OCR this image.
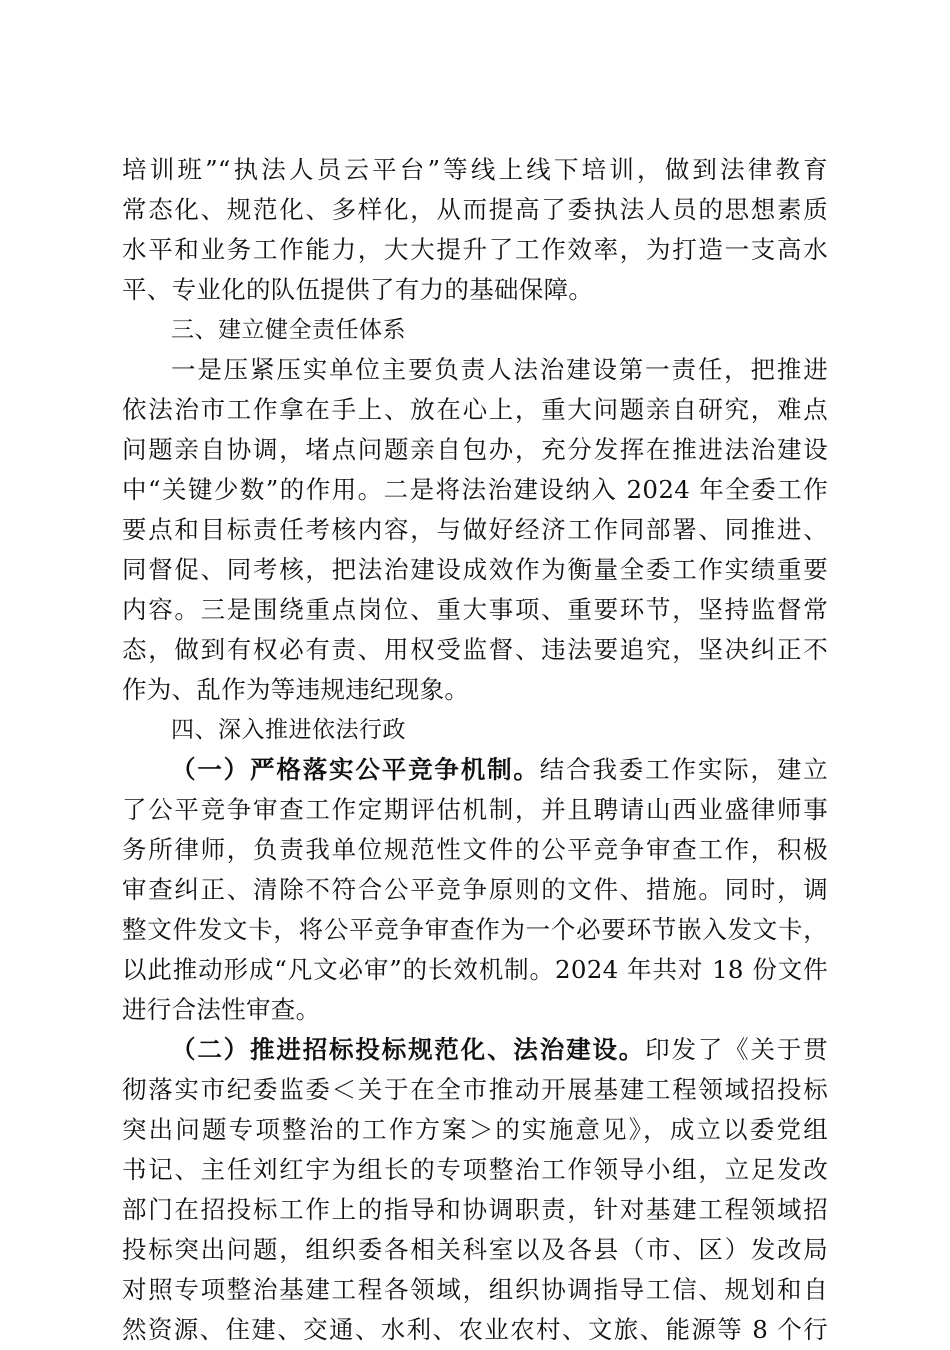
培训班”“执法人员云平台”等线上线下培训，做到法律教育
常态化、规范化、多样化，从而提高了委执法人员的思想素质
水平和业务工作能力，大大提升了工作效率，为打造一支高水
平、专业化的队伍提供了有力的基础保障。
三、建立健全责任体系
一是压紧压实单位主要负责人法治建设第一责任，把推进
依法治市工作拿在手上、放在心上，重大问题亲自研究，难点
问题亲自协调，堵点问题亲自包办，充分发挥在推进法治建设
中“关键少数”的作用。二是将法治建设纳入 2024 年全委工作
要点和目标责任考核内容，与做好经济工作同部署、同推进、
同督促、同考核，把法治建设成效作为衡量全委工作实绩重要
内容。三是围绕重点岗位、重大事项、重要环节，坚持监督常
态，做到有权必有责、用权受监督、违法要追究，坚决纠正不
作为、乱作为等违规违纪现象。
四、深入推进依法行政
（一）严格落实公平竞争机制。结合我委工作实际，建立
了公平竞争审查工作定期评估机制，并且聘请山西业盛律师事
务所律师，负责我单位规范性文件的公平竞争审查工作，积极
审查纠正、清除不符合公平竞争原则的文件、措施。同时，调
整文件发文卡，将公平竞争审查作为一个必要环节嵌入发文卡，
以此推动形成“凡文必审”的长效机制。2024 年共对 18 份文件
进行合法性审查。
（二）推进招标投标规范化、法治建设。印发了《关于贯
彻落实市纪委监委＜关于在全市推动开展基建工程领域招投标
突出问题专项整治的工作方案＞的实施意见》，成立以委党组
书记、主任刘红宇为组长的专项整治工作领导小组，立足发改
部门在招投标工作上的指导和协调职责，针对基建工程领域招
投标突出问题，组织委各相关科室以及各县（市、区）发改局
对照专项整治基建工程各领域，组织协调指导工信、规划和自
然资源、住建、交通、水利、农业农村、文旅、能源等 8 个行
